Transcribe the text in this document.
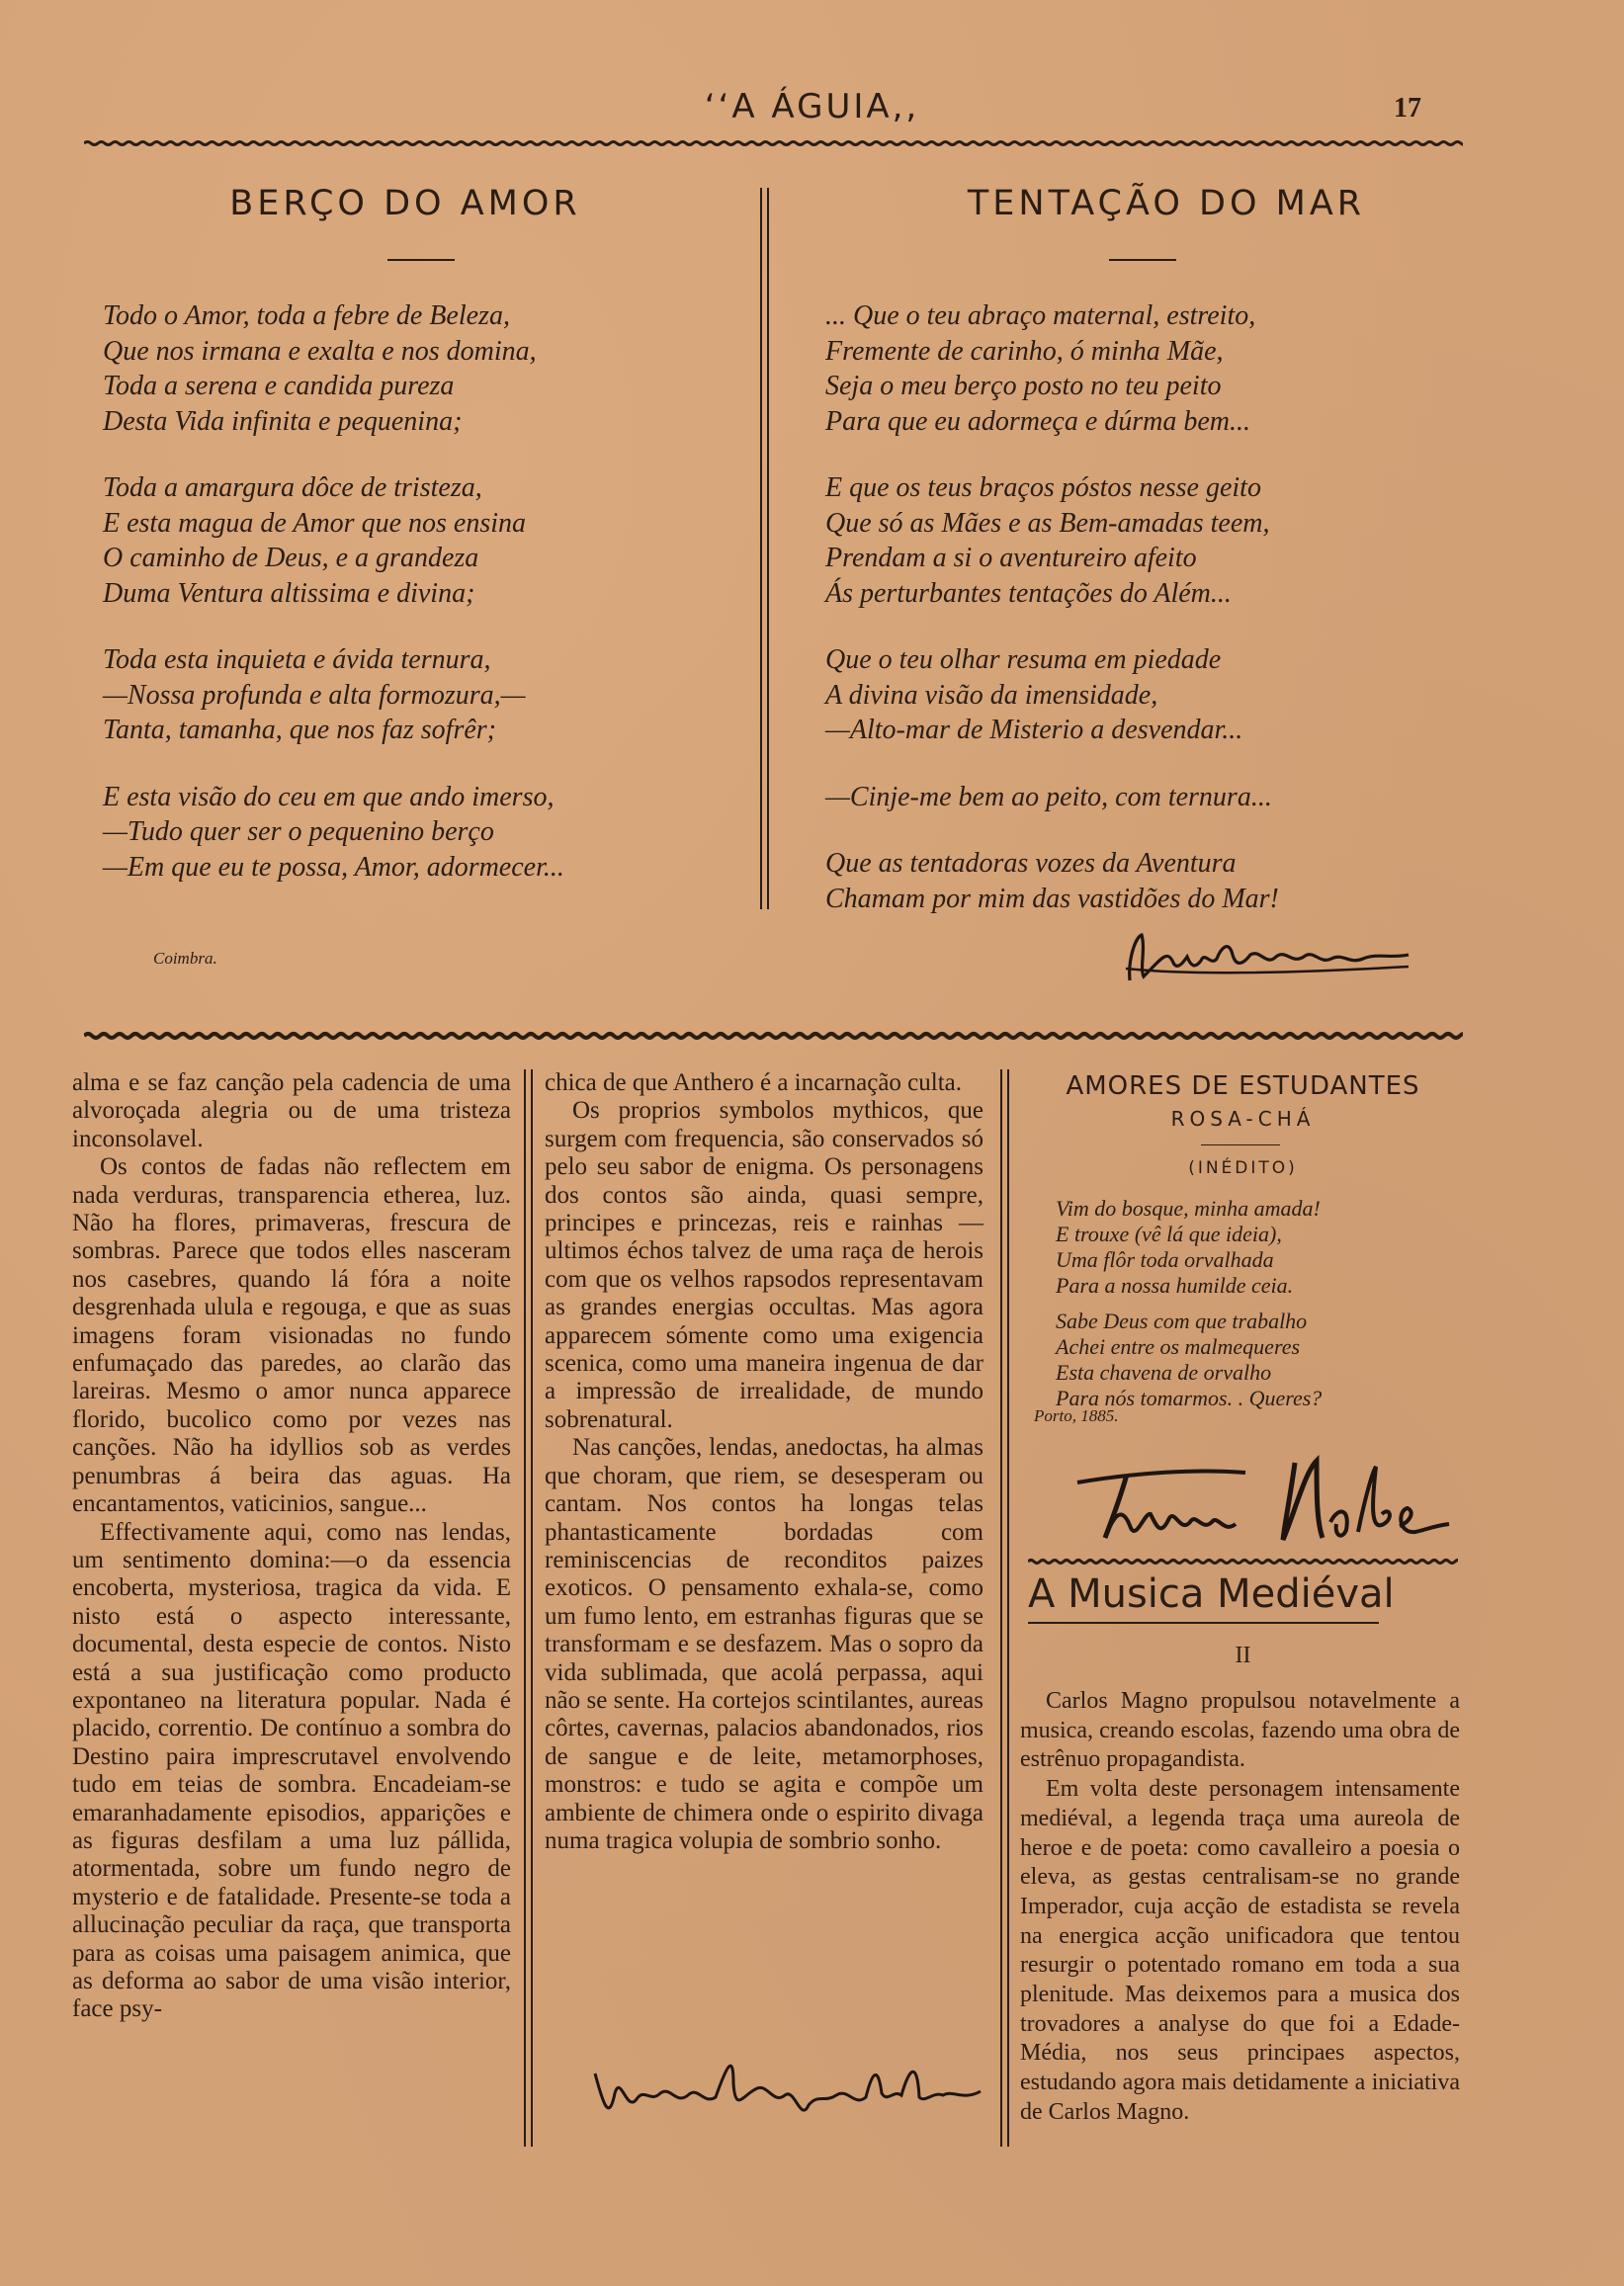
‘‘A ÁGUIA,,	17
BERÇO DO AMOR
Todo o Amor, toda a febre de Beleza,
Que nos irmana e exalta e nos domina,
Toda a serena e candida pureza
Desta Vida infinita e pequenina;
Toda a amargura dôce de tristeza,
E esta magua de Amor que nos ensina
O caminho de Deus, e a grandeza
Duma Ventura altissima e divina;
Toda esta inquieta e ávida ternura,
—Nossa profunda e alta formozura,—
Tanta, tamanha, que nos faz sofrêr;
E esta visão do ceu em que ando imerso,
—Tudo quer ser o pequenino berço
—Em que eu te possa, Amor, adormecer...
Coimbra.
TENTAÇÃO DO MAR
... Que o teu abraço maternal, estreito,
Fremente de carinho, ó minha Mãe,
Seja o meu berço posto no teu peito
Para que eu adormeça e dúrma bem...
E que os teus braços póstos nesse geito
Que só as Mães e as Bem-amadas teem,
Prendam a si o aventureiro afeito
Ás perturbantes tentações do Além...
Que o teu olhar resuma em piedade
A divina visão da imensidade,
—Alto-mar de Misterio a desvendar...
—Cinje-me bem ao peito, com ternura...
Que as tentadoras vozes da Aventura
Chamam por mim das vastidões do Mar!

alma e se faz canção pela cadencia de uma alvoroçada alegria ou de uma tristeza inconsolavel.

Os contos de fadas não reflectem em nada verduras, transparencia etherea, luz. Não ha flores, primaveras, frescura de sombras. Parece que todos elles nasceram nos casebres, quando lá fóra a noite desgrenhada ulula e regouga, e que as suas imagens foram visionadas no fundo enfumaçado das paredes, ao clarão das lareiras. Mesmo o amor nunca apparece florido, bucolico como por vezes nas canções. Não ha idyllios sob as verdes penumbras á beira das aguas. Ha encantamentos, vaticinios, sangue...

Effectivamente aqui, como nas lendas, um sentimento domina:—o da essencia encoberta, mysteriosa, tragica da vida. E nisto está o aspecto interessante, documental, desta especie de contos. Nisto está a sua justificação como producto expontaneo na literatura popular. Nada é placido, correntio. De contínuo a sombra do Destino paira imprescrutavel envolvendo tudo em teias de sombra. Encadeiam-se emaranhadamente episodios, apparições e as figuras desfilam a uma luz pállida, atormentada, sobre um fundo negro de mysterio e de fatalidade. Presente-se toda a allucinação peculiar da raça, que transporta para as coisas uma paisagem animica, que as deforma ao sabor de uma visão interior, face psy-

chica de que Anthero é a incarnação culta.

Os proprios symbolos mythicos, que surgem com frequencia, são conservados só pelo seu sabor de enigma. Os personagens dos contos são ainda, quasi sempre, principes e princezas, reis e rainhas — ultimos échos talvez de uma raça de herois com que os velhos rapsodos representavam as grandes energias occultas. Mas agora apparecem sómente como uma exigencia scenica, como uma maneira ingenua de dar a impressão de irrealidade, de mundo sobrenatural.

Nas canções, lendas, anedoctas, ha almas que choram, que riem, se desesperam ou cantam. Nos contos ha longas telas phantasticamente bordadas com reminiscencias de reconditos paizes exoticos. O pensamento exhala-se, como um fumo lento, em estranhas figuras que se transformam e se desfazem. Mas o sopro da vida sublimada, que acolá perpassa, aqui não se sente. Ha cortejos scintilantes, aureas côrtes, cavernas, palacios abandonados, rios de sangue e de leite, metamorphoses, monstros: e tudo se agita e compõe um ambiente de chimera onde o espirito divaga numa tragica volupia de sombrio sonho.

AMORES DE ESTUDANTES
ROSA-CHÁ
(INÉDITO)
Vim do bosque, minha amada!
E trouxe (vê lá que ideia),
Uma flôr toda orvalhada
Para a nossa humilde ceia.
Sabe Deus com que trabalho
Achei entre os malmequeres
Esta chavena de orvalho
Para nós tomarmos. . Queres?
Porto, 1885.
A Musica Mediéval
II

Carlos Magno propulsou notavelmente a musica, creando escolas, fazendo uma obra de estrênuo propagandista.

Em volta deste personagem intensamente mediéval, a legenda traça uma aureola de heroe e de poeta: como cavalleiro a poesia o eleva, as gestas centralisam-se no grande Imperador, cuja acção de estadista se revela na energica acção unificadora que tentou resurgir o potentado romano em toda a sua plenitude. Mas deixemos para a musica dos trovadores a analyse do que foi a Edade-Média, nos seus principaes aspectos, estudando agora mais detidamente a iniciativa de Carlos Magno.
